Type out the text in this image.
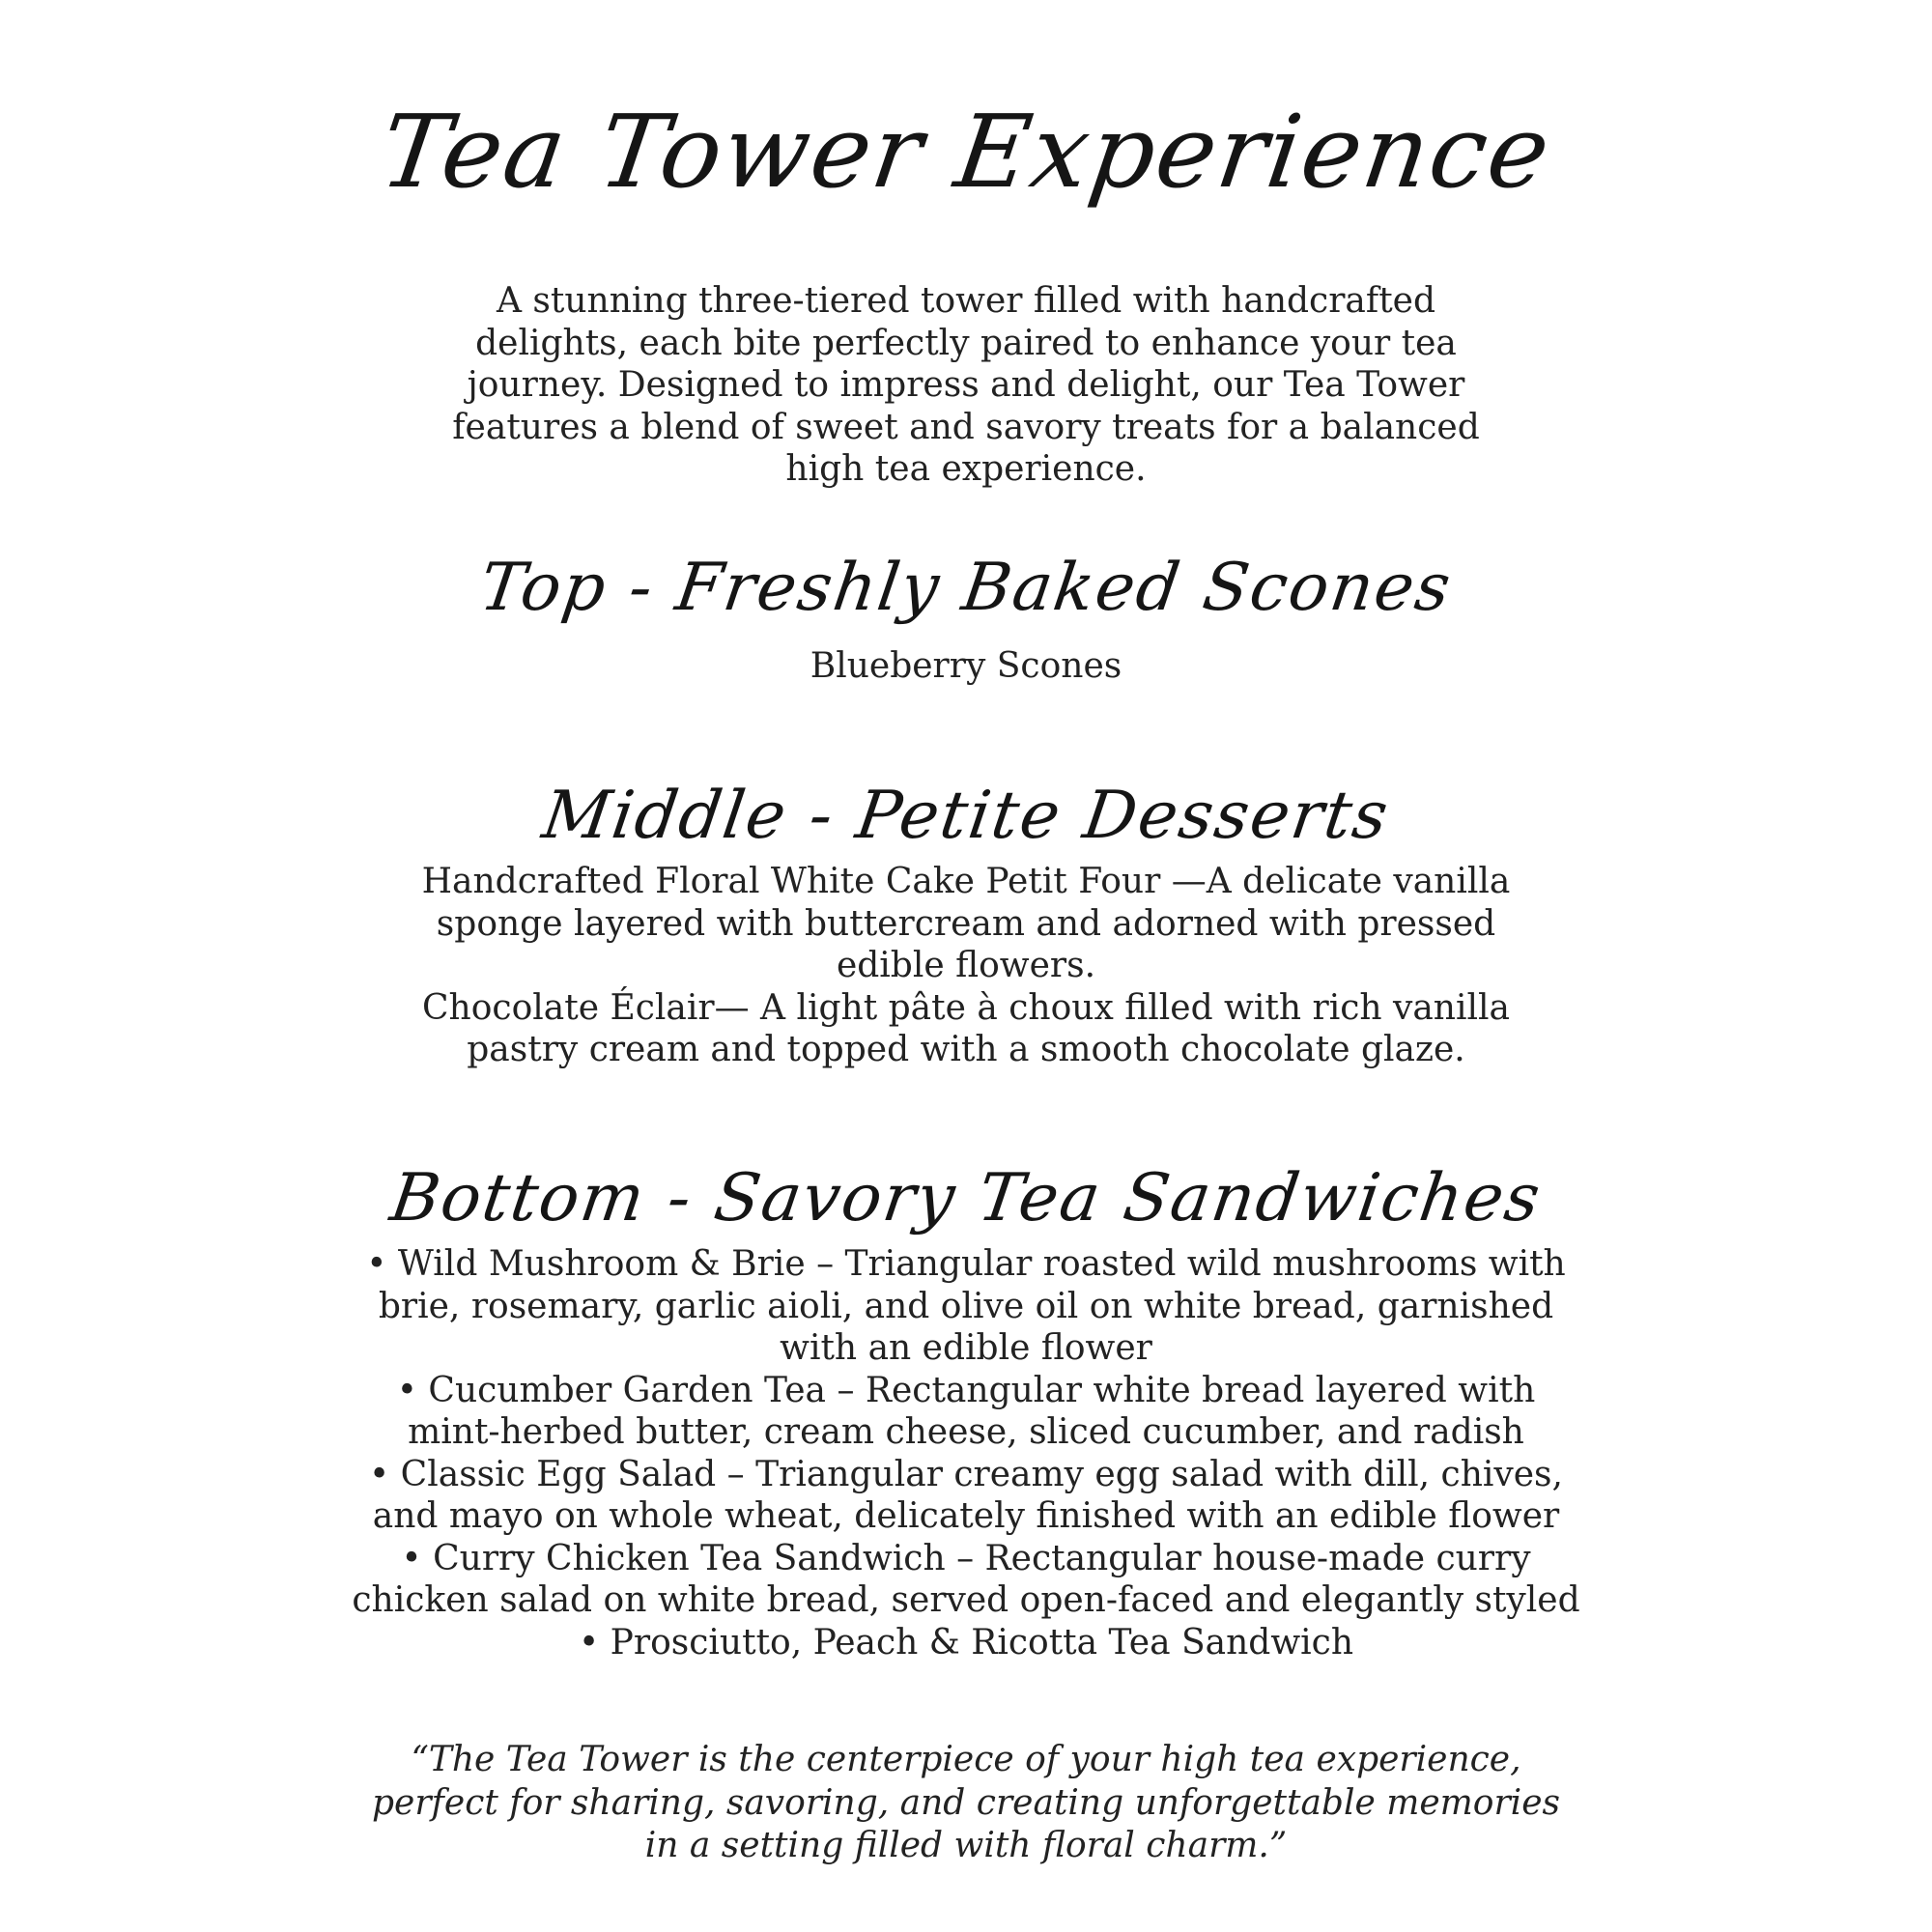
Tea Tower Experience

A stunning three-tiered tower filled with handcrafted
delights, each bite perfectly paired to enhance your tea
journey. Designed to impress and delight, our Tea Tower
features a blend of sweet and savory treats for a balanced
high tea experience.

Top - Freshly Baked Scones

Blueberry Scones

Middle - Petite Desserts

Handcrafted Floral White Cake Petit Four —A delicate vanilla
sponge layered with buttercream and adorned with pressed
edible flowers.
Chocolate Éclair— A light pâte à choux filled with rich vanilla
pastry cream and topped with a smooth chocolate glaze.

Bottom - Savory Tea Sandwiches

• Wild Mushroom & Brie – Triangular roasted wild mushrooms with
brie, rosemary, garlic aioli, and olive oil on white bread, garnished
with an edible flower
• Cucumber Garden Tea – Rectangular white bread layered with
mint-herbed butter, cream cheese, sliced cucumber, and radish
• Classic Egg Salad – Triangular creamy egg salad with dill, chives,
and mayo on whole wheat, delicately finished with an edible flower
• Curry Chicken Tea Sandwich – Rectangular house-made curry
chicken salad on white bread, served open-faced and elegantly styled
• Prosciutto, Peach & Ricotta Tea Sandwich

“The Tea Tower is the centerpiece of your high tea experience,
perfect for sharing, savoring, and creating unforgettable memories
in a setting filled with floral charm.”
